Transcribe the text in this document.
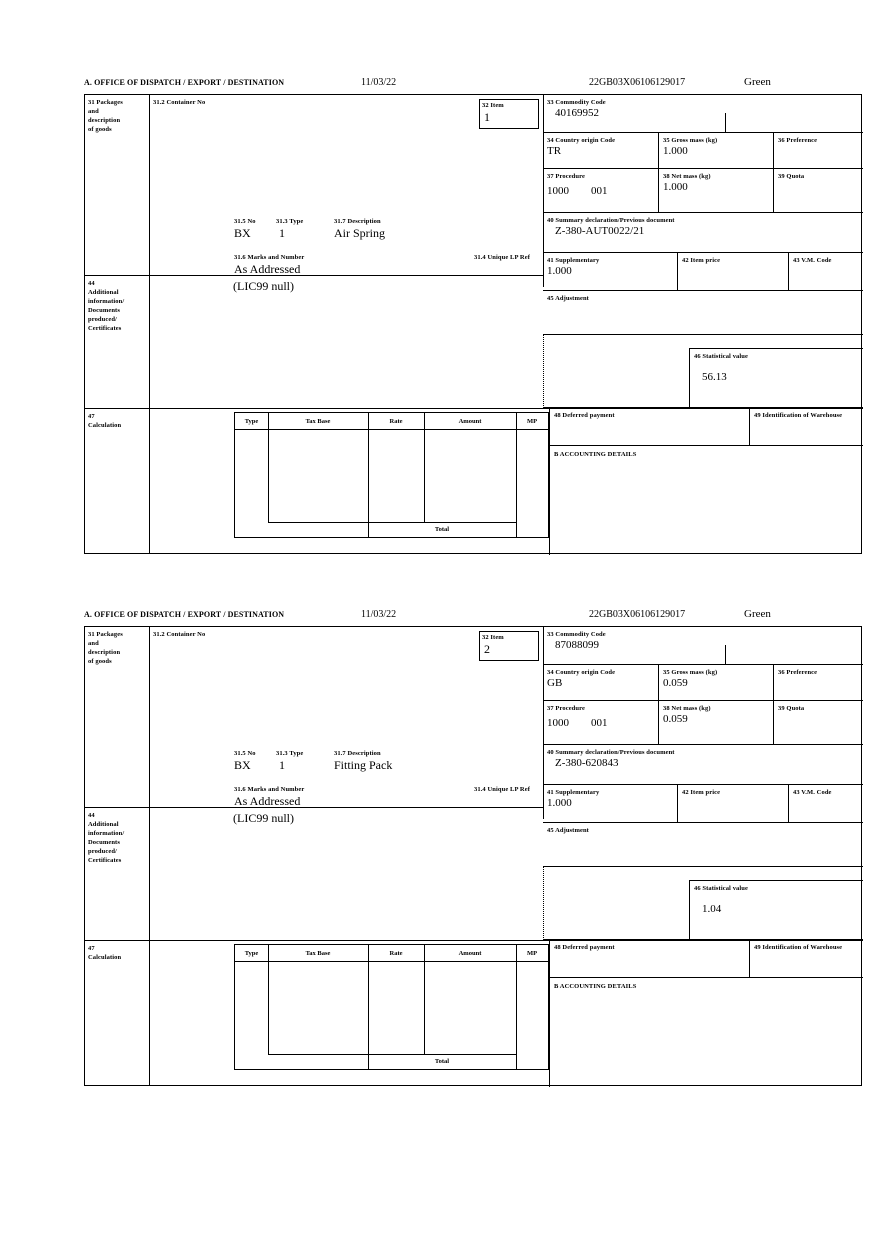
A. OFFICE OF DISPATCH / EXPORT / DESTINATION	11/03/22	22GB03X06106129017	Green
31 Packages
and
description
of goods
31.2 Container No	32 Item
1
33 Commodity Code
40169952
34 Country origin Code
TR
35 Gross mass (kg)
1.000
36 Preference
37 Procedure
1000 001
38 Net mass (kg)
1.000
39 Quota
40 Summary declaration/Previous document
Z-380-AUT0022/21
41 Supplementary
1.000
42 Item price	43 V.M. Code
45 Adjustment
46 Statistical value
56.13
31.5 No	31.3 Type	31.7 Description
BX 1	Air Spring
31.6 Marks and Number	31.4 Unique LP Ref
As Addressed
44
Additional
information/
Documents
produced/
Certificates
(LIC99 null)
47
Calculation
Type	Tax Base	Rate	Amount	MP
Total
48 Deferred payment	49 Identification of Warehouse
B ACCOUNTING DETAILS
A. OFFICE OF DISPATCH / EXPORT / DESTINATION	11/03/22	22GB03X06106129017	Green
31 Packages
and
description
of goods
31.2 Container No	32 Item
2
33 Commodity Code
87088099
34 Country origin Code
GB
35 Gross mass (kg)
0.059
36 Preference
37 Procedure
1000 001
38 Net mass (kg)
0.059
39 Quota
40 Summary declaration/Previous document
Z-380-620843
41 Supplementary
1.000
42 Item price	43 V.M. Code
45 Adjustment
46 Statistical value
1.04
31.5 No	31.3 Type	31.7 Description
BX 1	Fitting Pack
31.6 Marks and Number	31.4 Unique LP Ref
As Addressed
44
Additional
information/
Documents
produced/
Certificates
(LIC99 null)
47
Calculation
Type	Tax Base	Rate	Amount	MP
Total
48 Deferred payment	49 Identification of Warehouse
B ACCOUNTING DETAILS
